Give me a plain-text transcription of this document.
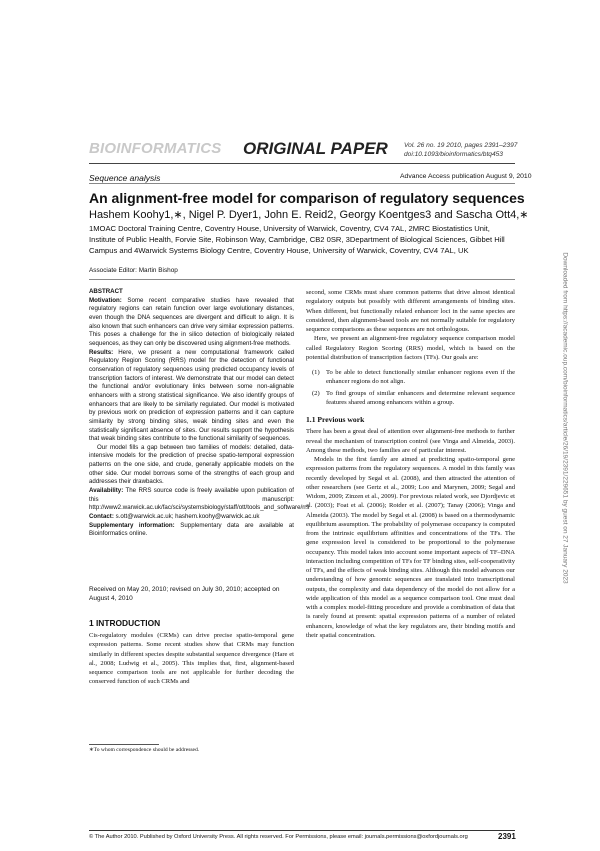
BIOINFORMATICS ORIGINAL PAPER Vol. 26 no. 19 2010, pages 2391–2397
doi:10.1093/bioinformatics/btq453
Sequence analysis	Advance Access publication August 9, 2010
An alignment-free model for comparison of regulatory sequences
Hashem Koohy1,∗, Nigel P. Dyer1, John E. Reid2, Georgy Koentges3 and Sascha Ott4,∗
1MOAC Doctoral Training Centre, Coventry House, University of Warwick, Coventry, CV4 7AL, 2MRC Biostatistics Unit, Institute of Public Health, Forvie Site, Robinson Way, Cambridge, CB2 0SR, 3Department of Biological Sciences, Gibbet Hill Campus and 4Warwick Systems Biology Centre, Coventry House, University of Warwick, Coventry, CV4 7AL, UK
Associate Editor: Martin Bishop

ABSTRACT

Motivation: Some recent comparative studies have revealed that regulatory regions can retain function over large evolutionary distances, even though the DNA sequences are divergent and difficult to align. It is also known that such enhancers can drive very similar expression patterns. This poses a challenge for the in silico detection of biologically related sequences, as they can only be discovered using alignment-free methods.

Results: Here, we present a new computational framework called Regulatory Region Scoring (RRS) model for the detection of functional conservation of regulatory sequences using predicted occupancy levels of transcription factors of interest. We demonstrate that our model can detect the functional and/or evolutionary links between some non-alignable enhancers with a strong statistical significance. We also identify groups of enhancers that are likely to be similarly regulated. Our model is motivated by previous work on prediction of expression patterns and it can capture similarity by strong binding sites, weak binding sites and even the statistically significant absence of sites. Our results support the hypothesis that weak binding sites contribute to the functional similarity of sequences.

Our model fills a gap between two families of models: detailed, data-intensive models for the prediction of precise spatio-temporal expression patterns on the one side, and crude, generally applicable models on the other side. Our model borrows some of the strengths of each group and addresses their drawbacks.

Availability: The RRS source code is freely available upon publication of this manuscript: http://www2.warwick.ac.uk/fac/sci/systemsbiology/staff/ott/tools_and_software/rrs

Contact: s.ott@warwick.ac.uk; hashem.koohy@warwick.ac.uk

Supplementary information: Supplementary data are available at Bioinformatics online.

Received on May 20, 2010; revised on July 30, 2010; accepted on August 4, 2010
1 INTRODUCTION

Cis-regulatory modules (CRMs) can drive precise spatio-temporal gene expression patterns. Some recent studies show that CRMs may function similarly in different species despite substantial sequence divergence (Hare et al., 2008; Ludwig et al., 2005). This implies that, first, alignment-based sequence comparison tools are not applicable for further decoding the conserved function of such CRMs and

∗To whom correspondence should be addressed.

second, some CRMs must share common patterns that drive almost identical regulatory outputs but possibly with different arrangements of binding sites. When different, but functionally related enhancer loci in the same species are considered, then alignment-based tools are not normally suitable for regulatory sequence comparisons as these sequences are not orthologous.

Here, we present an alignment-free regulatory sequence comparison model called Regulatory Region Scoring (RRS) model, which is based on the potential distribution of transcription factors (TFs). Our goals are:

(1) To be able to detect functionally similar enhancer regions even if the enhancer regions do not align.
(2) To find groups of similar enhancers and determine relevant sequence features shared among enhancers within a group.
1.1 Previous work

There has been a great deal of attention over alignment-free methods to further reveal the mechanism of transcription control (see Vinga and Almeida, 2003). Among these methods, two families are of particular interest.

Models in the first family are aimed at predicting spatio-temporal gene expression patterns from the regulatory sequences. A model in this family was recently developed by Segal et al. (2008), and then attracted the attention of other researchers (see Gertz et al., 2009; Loo and Marynen, 2009; Segal and Widom, 2009; Zinzen et al., 2009). For previous related work, see Djordjevic et al. (2003); Foat et al. (2006); Roider et al. (2007); Tanay (2006); Vinga and Almeida (2003). The model by Segal et al. (2008) is based on a thermodynamic equilibrium assumption. The probability of polymerase occupancy is computed from the intrinsic equilibrium affinities and concentrations of the TFs. The gene expression level is considered to be proportional to the polymerase occupancy. This model takes into account some important aspects of TF–DNA interaction including competition of TFs for TF binding sites, self-cooperativity of TFs, and the effects of weak binding sites. Although this model advances our understanding of how genomic sequences are translated into transcriptional outputs, the complexity and data dependency of the model do not allow for a wide application of this model as a sequence comparison tool. One must deal with a complex model-fitting procedure and provide a combination of data that is rarely found at present: spatial expression patterns of a number of related enhancers, knowledge of what the key regulators are, their binding motifs and their spatial concentration.

© The Author 2010. Published by Oxford University Press. All rights reserved. For Permissions, please email: journals.permissions@oxfordjournals.org	2391
Downloaded from https://academic.oup.com/bioinformatics/article/26/19/2391/229651 by guest on 27 January 2023
